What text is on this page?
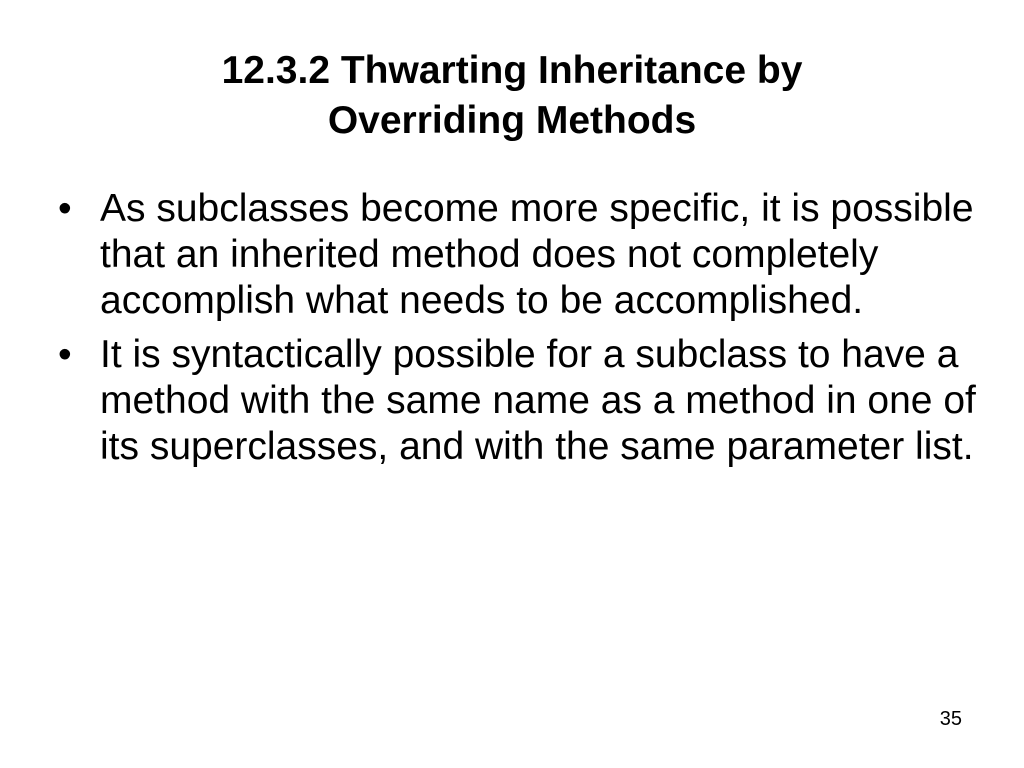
12.3.2 Thwarting Inheritance by
Overriding Methods
• As subclasses become more specific, it is possible that an inherited method does not completely accomplish what needs to be accomplished.
• It is syntactically possible for a subclass to have a method with the same name as a method in one of its superclasses, and with the same parameter list.
35
